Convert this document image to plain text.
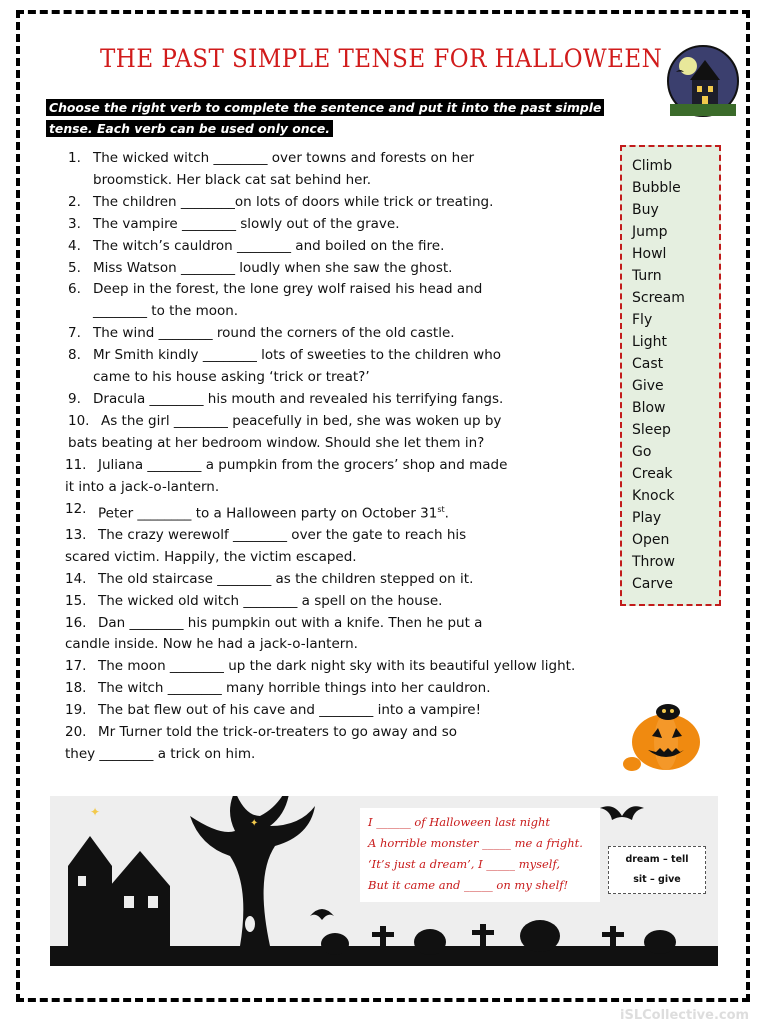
THE PAST SIMPLE TENSE FOR HALLOWEEN
Choose the right verb to complete the sentence and put it into the past simple
tense. Each verb can be used only once.
1. The wicked witch ________ over towns and forests on her
broomstick. Her black cat sat behind her.
2. The children ________on lots of doors while trick or treating.
3. The vampire ________ slowly out of the grave.
4. The witch’s cauldron ________ and boiled on the fire.
5. Miss Watson ________ loudly when she saw the ghost.
6. Deep in the forest, the lone grey wolf raised his head and
________ to the moon.
7. The wind ________ round the corners of the old castle.
8. Mr Smith kindly ________ lots of sweeties to the children who
came to his house asking ‘trick or treat?’
9. Dracula ________ his mouth and revealed his terrifying fangs.
10. As the girl ________ peacefully in bed, she was woken up by
bats beating at her bedroom window. Should she let them in?
11. Juliana ________ a pumpkin from the grocers’ shop and made
it into a jack-o-lantern.
12. Peter ________ to a Halloween party on October 31st.
13. The crazy werewolf ________ over the gate to reach his
scared victim. Happily, the victim escaped.
14. The old staircase ________ as the children stepped on it.
15. The wicked old witch ________ a spell on the house.
16. Dan ________ his pumpkin out with a knife. Then he put a
candle inside. Now he had a jack-o-lantern.
17. The moon ________ up the dark night sky with its beautiful yellow light.
18. The witch ________ many horrible things into her cauldron.
19. The bat flew out of his cave and ________ into a vampire!
20. Mr Turner told the trick-or-treaters to go away and so
they ________ a trick on him.
Climb
Bubble
Buy
Jump
Howl
Turn
Scream
Fly
Light
Cast
Give
Blow
Sleep
Go
Creak
Knock
Play
Open
Throw
Carve
✦
✦	I ______ of Halloween last night
A horrible monster _____ me a fright.
‘It’s just a dream’, I _____ myself,
But it came and _____ on my shelf!
dream – tell
sit – give
iSLCollective.com
